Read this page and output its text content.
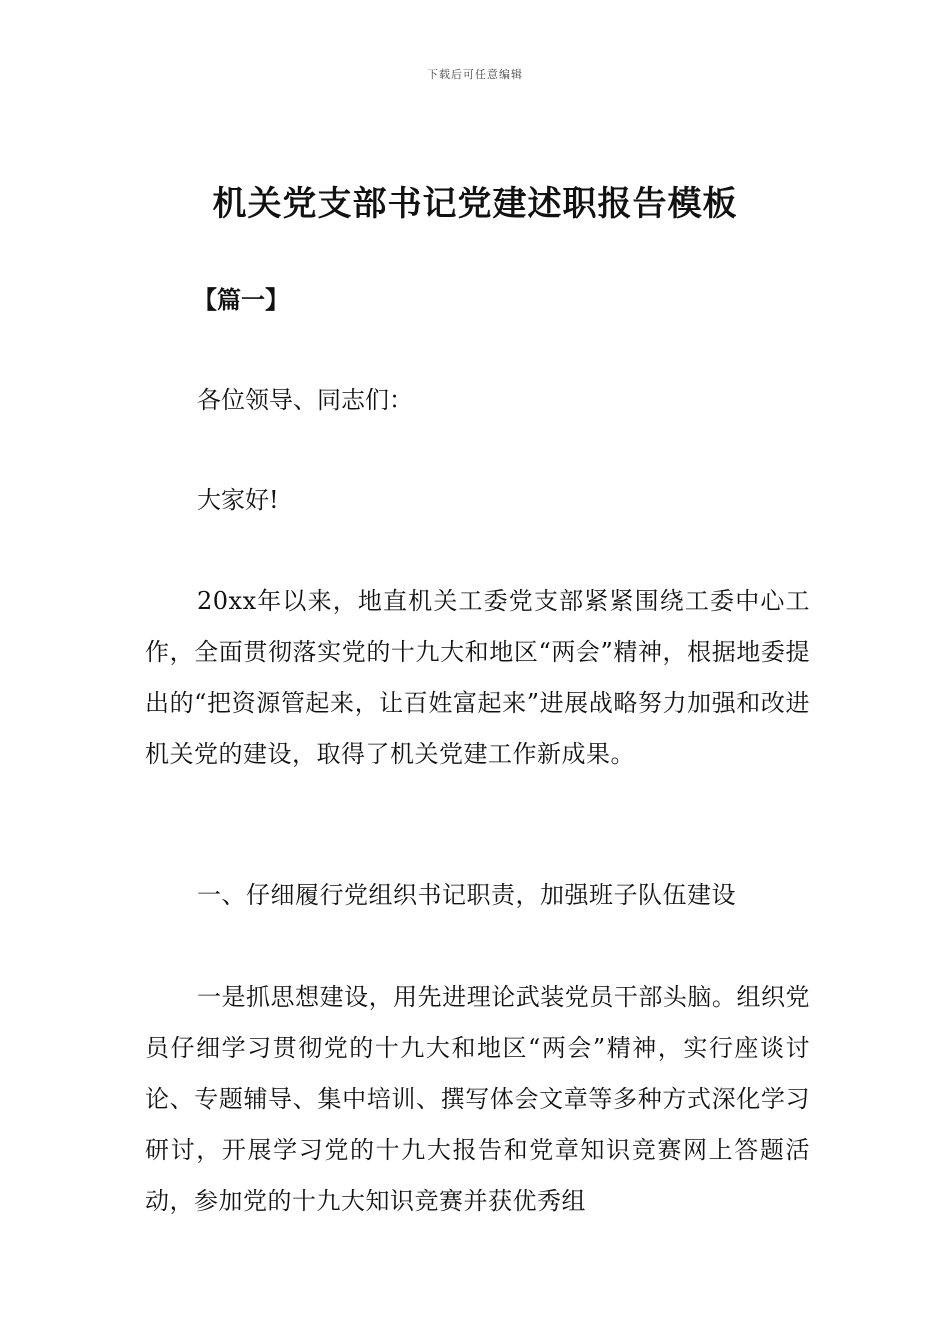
下载后可任意编辑
机关党支部书记党建述职报告模板
【篇一】
各位领导、同志们：
大家好!

20xx年以来，地直机关工委党支部紧紧围绕工委中心工作，全面贯彻落实党的十九大和地区“两会”精神，根据地委提出的“把资源管起来，让百姓富起来”进展战略努力加强和改进机关党的建设，取得了机关党建工作新成果。

一、仔细履行党组织书记职责，加强班子队伍建设

一是抓思想建设，用先进理论武装党员干部头脑。组织党员仔细学习贯彻党的十九大和地区“两会”精神，实行座谈讨论、专题辅导、集中培训、撰写体会文章等多种方式深化学习研讨，开展学习党的十九大报告和党章知识竞赛网上答题活动，参加党的十九大知识竞赛并获优秀组
